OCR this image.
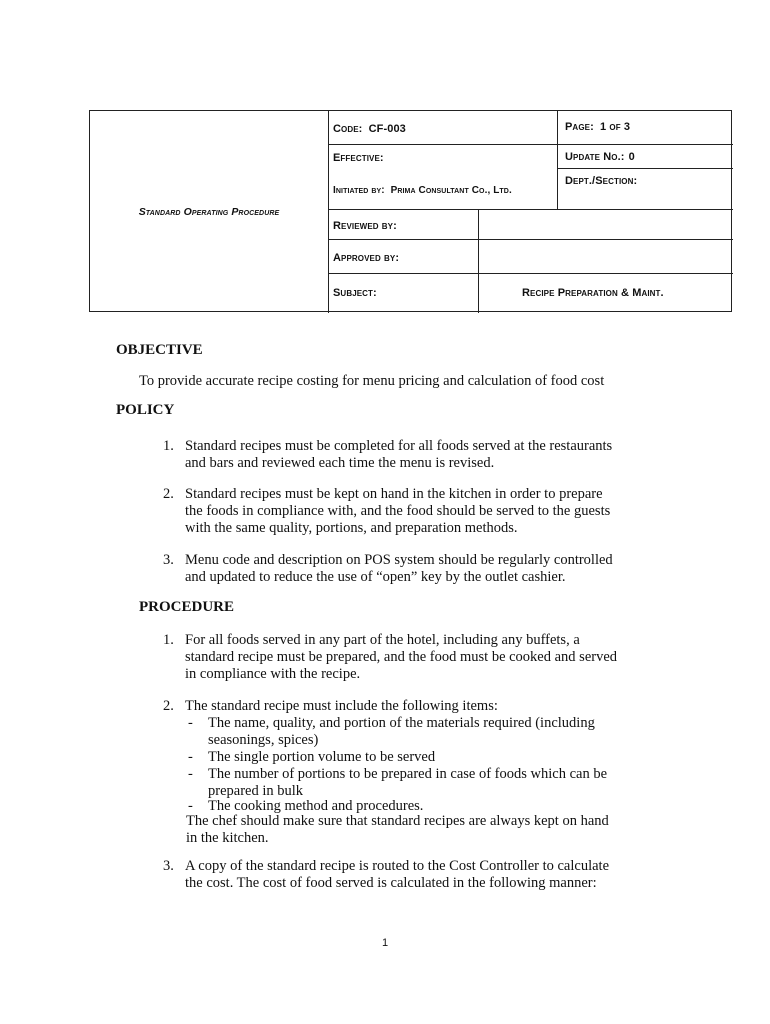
Standard Operating Procedure
Code: CF-003	Page: 1 of 3
Effective:	Update No.: 0
Initiated by: Prima Consultant Co., Ltd.
Dept./Section:
Reviewed by:
Approved by:
Subject:	Recipe Preparation & Maint.
OBJECTIVE
To provide accurate recipe costing for menu pricing and calculation of food cost
POLICY
1. Standard recipes must be completed for all foods served at the restaurants
and bars and reviewed each time the menu is revised.
2. Standard recipes must be kept on hand in the kitchen in order to prepare
the foods in compliance with, and the food should be served to the guests
with the same quality, portions, and preparation methods.
3. Menu code and description on POS system should be regularly controlled
and updated to reduce the use of “open” key by the outlet cashier.
PROCEDURE
1. For all foods served in any part of the hotel, including any buffets, a
standard recipe must be prepared, and the food must be cooked and served
in compliance with the recipe.
2. The standard recipe must include the following items:
- The name, quality, and portion of the materials required (including
seasonings, spices)
- The single portion volume to be served
- The number of portions to be prepared in case of foods which can be
prepared in bulk
- The cooking method and procedures.
The chef should make sure that standard recipes are always kept on hand
in the kitchen.
3. A copy of the standard recipe is routed to the Cost Controller to calculate
the cost. The cost of food served is calculated in the following manner:
1
